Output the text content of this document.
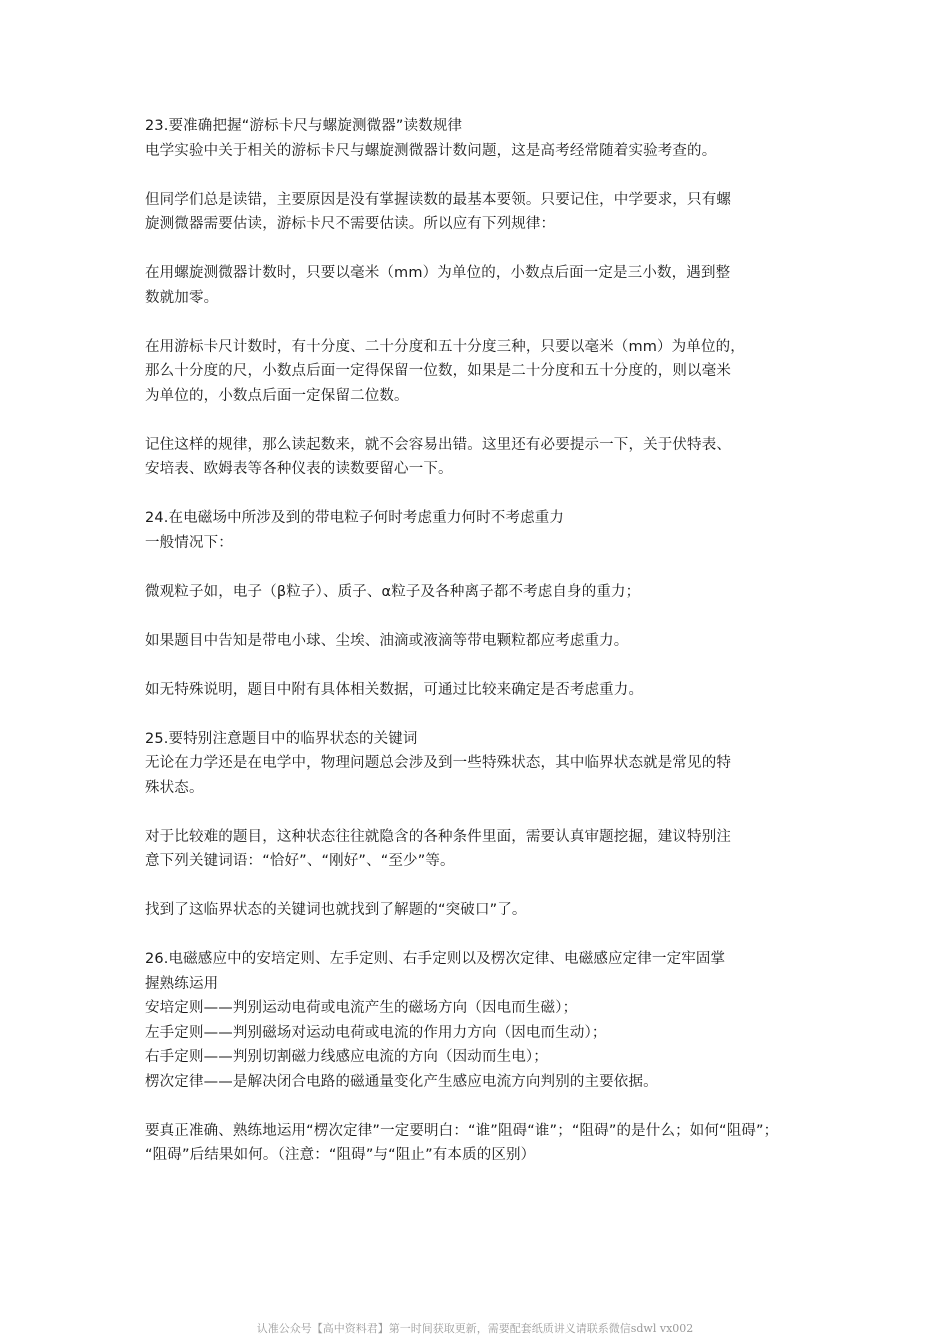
23.要准确把握“游标卡尺与螺旋测微器”读数规律
电学实验中关于相关的游标卡尺与螺旋测微器计数问题，这是高考经常随着实验考查的。
但同学们总是读错，主要原因是没有掌握读数的最基本要领。只要记住，中学要求，只有螺
旋测微器需要估读，游标卡尺不需要估读。所以应有下列规律：
在用螺旋测微器计数时，只要以毫米（mm）为单位的，小数点后面一定是三小数，遇到整
数就加零。
在用游标卡尺计数时，有十分度、二十分度和五十分度三种，只要以毫米（mm）为单位的，
那么十分度的尺，小数点后面一定得保留一位数，如果是二十分度和五十分度的，则以毫米
为单位的，小数点后面一定保留二位数。
记住这样的规律，那么读起数来，就不会容易出错。这里还有必要提示一下，关于伏特表、
安培表、欧姆表等各种仪表的读数要留心一下。
24.在电磁场中所涉及到的带电粒子何时考虑重力何时不考虑重力
一般情况下：
微观粒子如，电子（β粒子）、质子、α粒子及各种离子都不考虑自身的重力；
如果题目中告知是带电小球、尘埃、油滴或液滴等带电颗粒都应考虑重力。
如无特殊说明，题目中附有具体相关数据，可通过比较来确定是否考虑重力。
25.要特别注意题目中的临界状态的关键词
无论在力学还是在电学中，物理问题总会涉及到一些特殊状态，其中临界状态就是常见的特
殊状态。
对于比较难的题目，这种状态往往就隐含的各种条件里面，需要认真审题挖掘，建议特别注
意下列关键词语：“恰好”、“刚好”、“至少”等。
找到了这临界状态的关键词也就找到了解题的“突破口”了。
26.电磁感应中的安培定则、左手定则、右手定则以及楞次定律、电磁感应定律一定牢固掌
握熟练运用
安培定则——判别运动电荷或电流产生的磁场方向（因电而生磁）；
左手定则——判别磁场对运动电荷或电流的作用力方向（因电而生动）；
右手定则——判别切割磁力线感应电流的方向（因动而生电）；
楞次定律——是解决闭合电路的磁通量变化产生感应电流方向判别的主要依据。
要真正准确、熟练地运用“楞次定律”一定要明白：“谁”阻碍“谁”；“阻碍”的是什么；如何“阻碍”；
“阻碍”后结果如何。（注意：“阻碍”与“阻止”有本质的区别）
认准公众号【高中资料君】第一时间获取更新，需要配套纸质讲义请联系微信sdwl vx002
